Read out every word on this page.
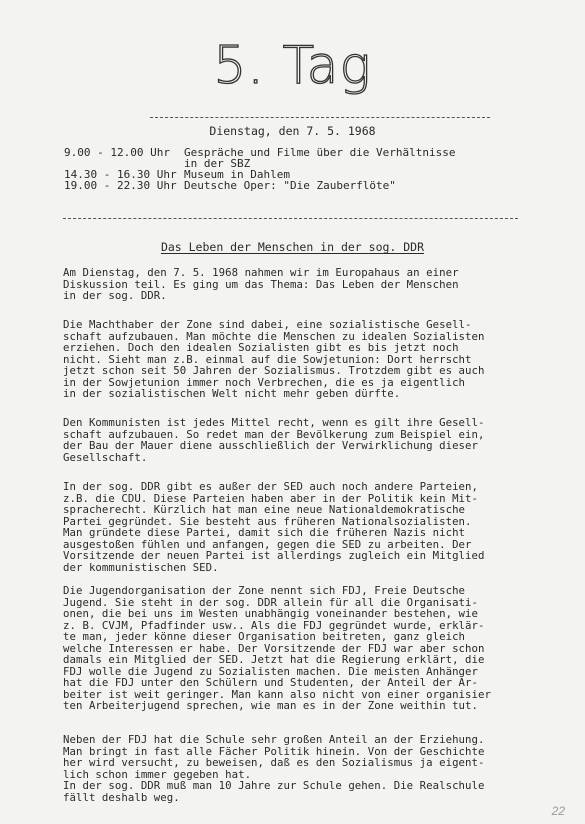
5. Tag
Dienstag, den 7. 5. 1968
9.00 - 12.00 Uhr	Gespräche und Filme über die Verhältnisse
in der SBZ
14.30 - 16.30 Uhr Museum in Dahlem
19.00 - 22.30 Uhr Deutsche Oper: "Die Zauberflöte"
Das Leben der Menschen in der sog. DDR
Am Dienstag, den 7. 5. 1968 nahmen wir im Europahaus an einer
Diskussion teil. Es ging um das Thema: Das Leben der Menschen
in der sog. DDR.
Die Machthaber der Zone sind dabei, eine sozialistische Gesell-
schaft aufzubauen. Man möchte die Menschen zu idealen Sozialisten
erziehen. Doch den idealen Sozialisten gibt es bis jetzt noch
nicht. Sieht man z.B. einmal auf die Sowjetunion: Dort herrscht
jetzt schon seit 50 Jahren der Sozialismus. Trotzdem gibt es auch
in der Sowjetunion immer noch Verbrechen, die es ja eigentlich
in der sozialistischen Welt nicht mehr geben dürfte.
Den Kommunisten ist jedes Mittel recht, wenn es gilt ihre Gesell-
schaft aufzubauen. So redet man der Bevölkerung zum Beispiel ein,
der Bau der Mauer diene ausschließlich der Verwirklichung dieser
Gesellschaft.
In der sog. DDR gibt es außer der SED auch noch andere Parteien,
z.B. die CDU. Diese Parteien haben aber in der Politik kein Mit-
spracherecht. Kürzlich hat man eine neue Nationaldemokratische
Partei gegründet. Sie besteht aus früheren Nationalsozialisten.
Man gründete diese Partei, damit sich die früheren Nazis nicht
ausgestoßen fühlen und anfangen, gegen die SED zu arbeiten. Der
Vorsitzende der neuen Partei ist allerdings zugleich ein Mitglied
der kommunistischen SED.
Die Jugendorganisation der Zone nennt sich FDJ, Freie Deutsche
Jugend. Sie steht in der sog. DDR allein für all die Organisati-
onen, die bei uns im Westen unabhängig voneinander bestehen, wie
z. B. CVJM, Pfadfinder usw.. Als die FDJ gegründet wurde, erklär-
te man, jeder könne dieser Organisation beitreten, ganz gleich
welche Interessen er habe. Der Vorsitzende der FDJ war aber schon
damals ein Mitglied der SED. Jetzt hat die Regierung erklärt, die
FDJ wolle die Jugend zu Sozialisten machen. Die meisten Anhänger
hat die FDJ unter den Schülern und Studenten, der Anteil der Ar-
beiter ist weit geringer. Man kann also nicht von einer organisier
ten Arbeiterjugend sprechen, wie man es in der Zone weithin tut.
Neben der FDJ hat die Schule sehr großen Anteil an der Erziehung.
Man bringt in fast alle Fächer Politik hinein. Von der Geschichte
her wird versucht, zu beweisen, daß es den Sozialismus ja eigent-
lich schon immer gegeben hat.
In der sog. DDR muß man 10 Jahre zur Schule gehen. Die Realschule
fällt deshalb weg.
22
